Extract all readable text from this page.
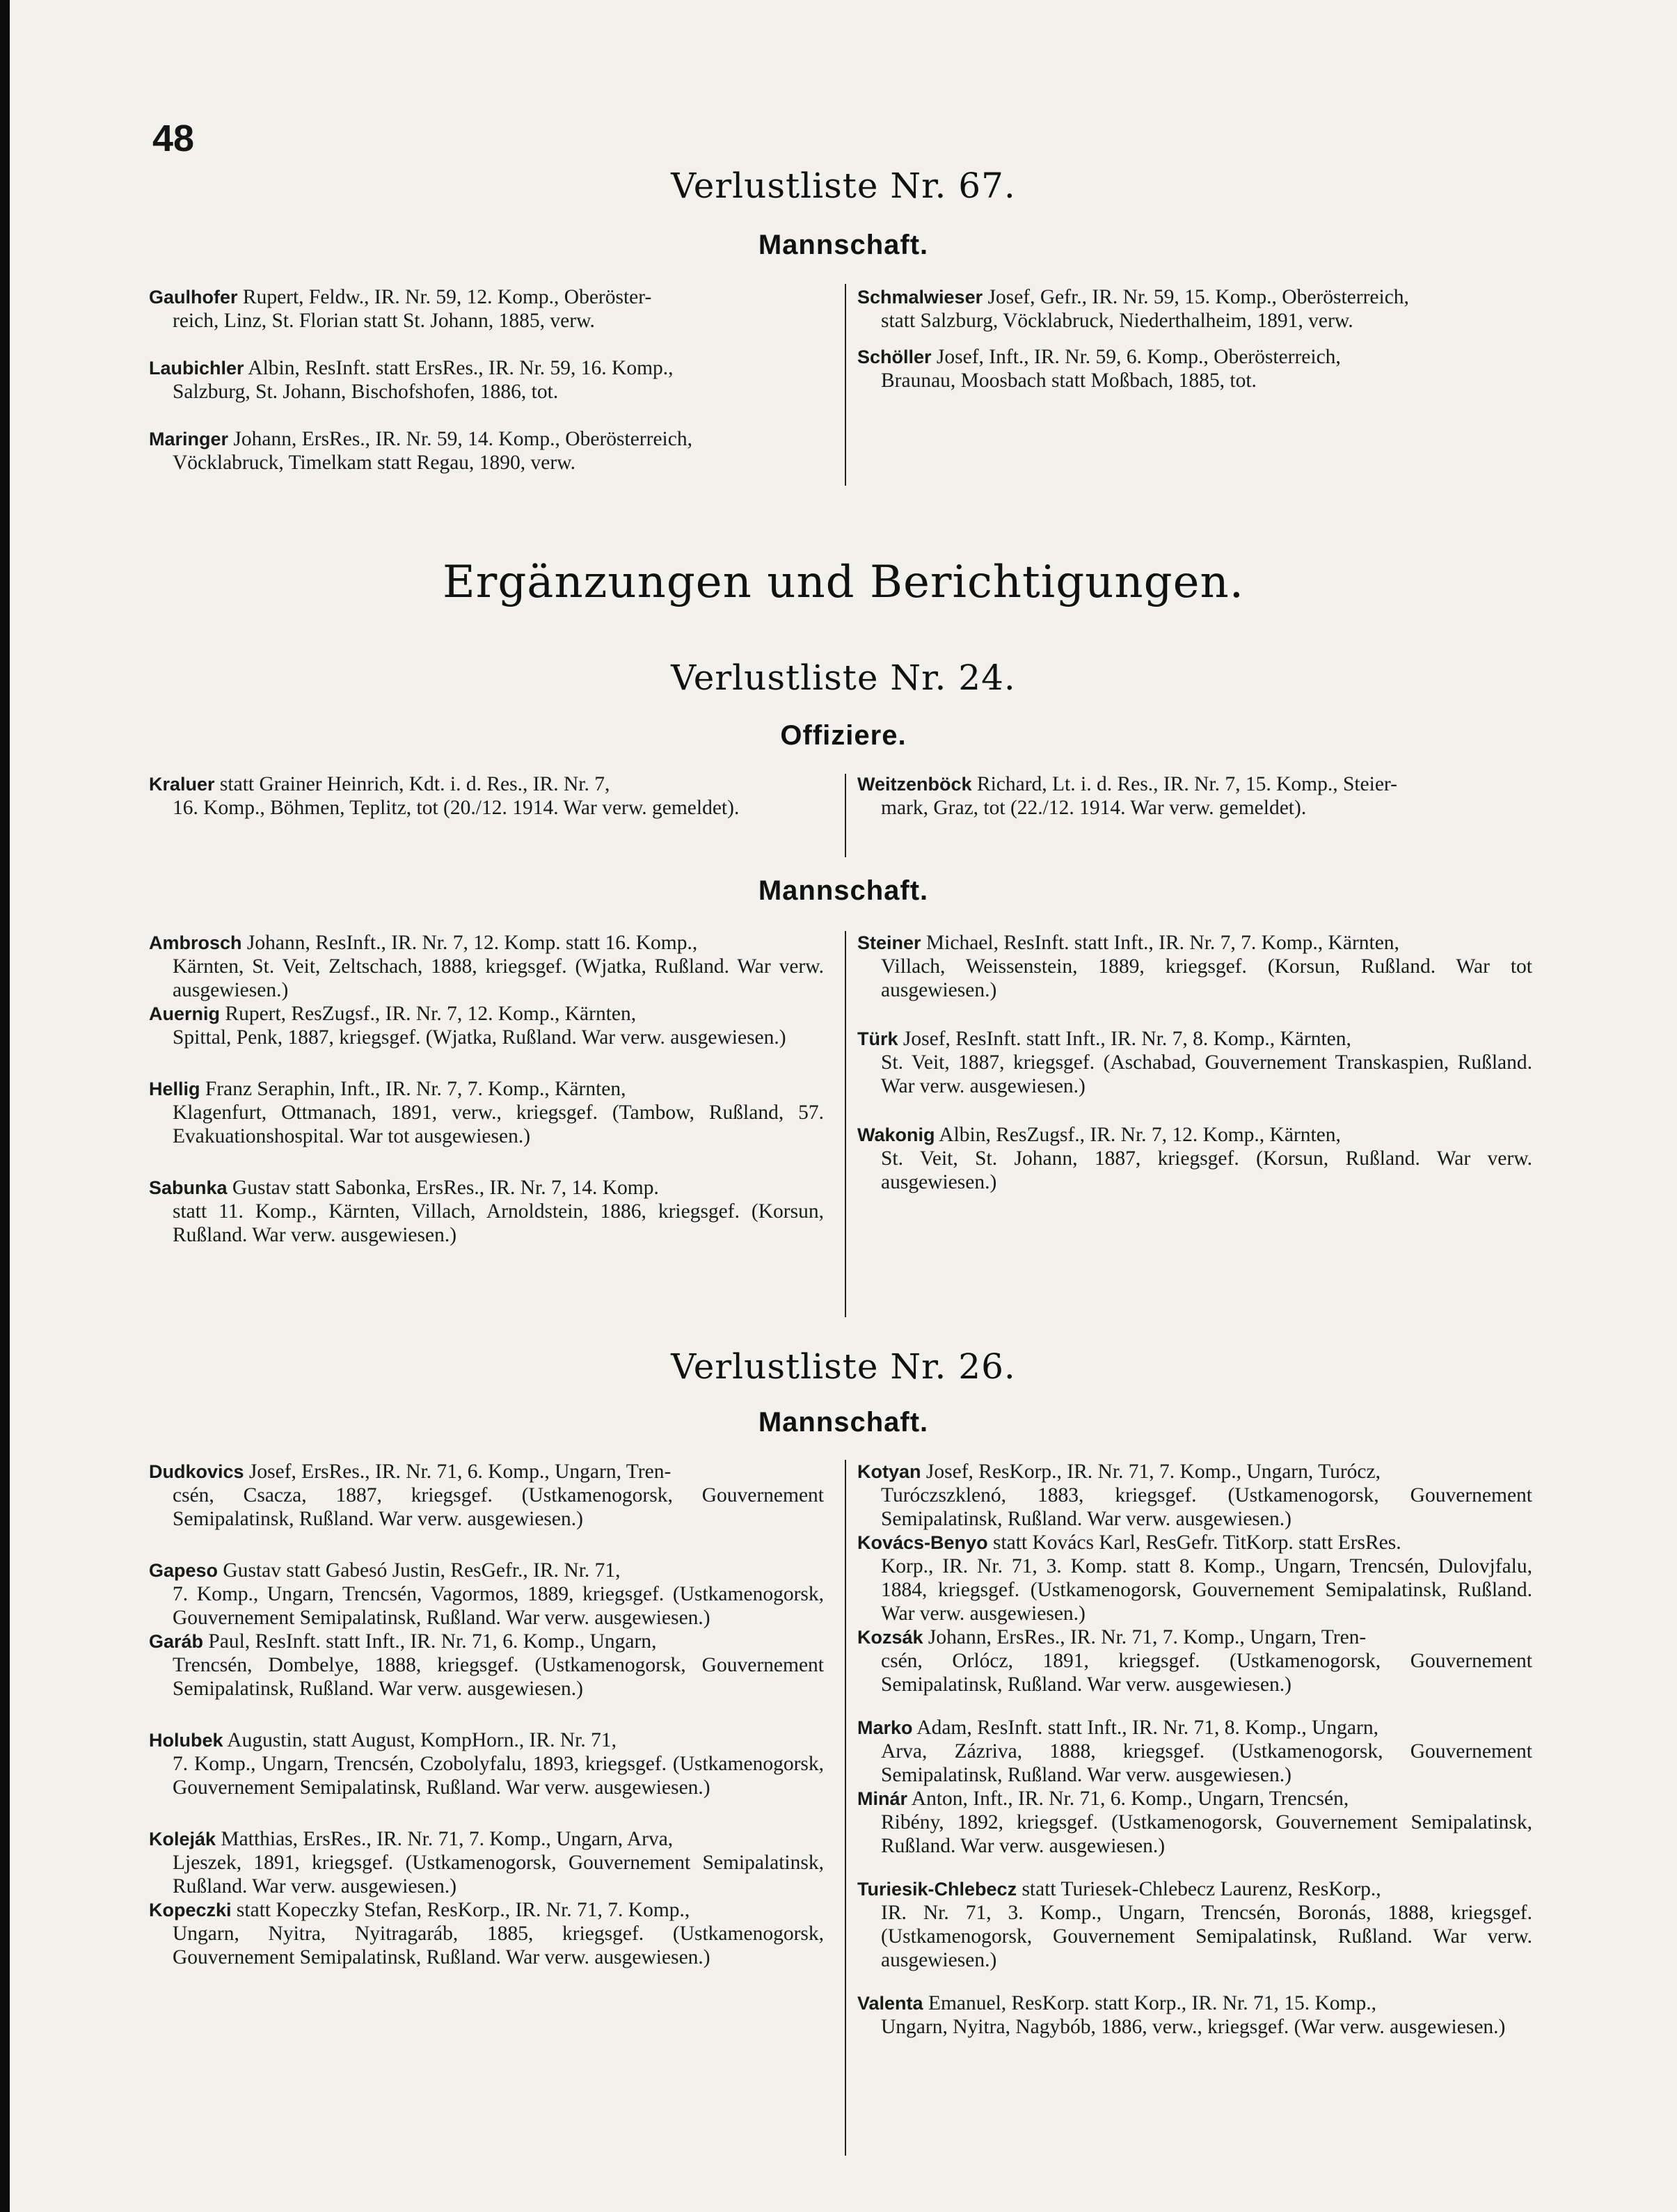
48
Verlustliste Nr. 67.
Mannschaft.

Gaulhofer Rupert, Feldw., IR. Nr. 59, 12. Komp., Oberöster-
reich, Linz, St. Florian statt St. Johann, 1885, verw.

Laubichler Albin, ResInft. statt ErsRes., IR. Nr. 59, 16. Komp.,
Salzburg, St. Johann, Bischofshofen, 1886, tot.

Maringer Johann, ErsRes., IR. Nr. 59, 14. Komp., Oberösterreich,
Vöcklabruck, Timelkam statt Regau, 1890, verw.

Schmalwieser Josef, Gefr., IR. Nr. 59, 15. Komp., Oberösterreich,
statt Salzburg, Vöcklabruck, Niederthalheim, 1891, verw.

Schöller Josef, Inft., IR. Nr. 59, 6. Komp., Oberösterreich,
Braunau, Moosbach statt Moßbach, 1885, tot.

Ergänzungen und Berichtigungen.
Verlustliste Nr. 24.
Offiziere.

Kraluer statt Grainer Heinrich, Kdt. i. d. Res., IR. Nr. 7,
16. Komp., Böhmen, Teplitz, tot (20./12. 1914. War verw. gemeldet).

Weitzenböck Richard, Lt. i. d. Res., IR. Nr. 7, 15. Komp., Steier-
mark, Graz, tot (22./12. 1914. War verw. gemeldet).

Mannschaft.

Ambrosch Johann, ResInft., IR. Nr. 7, 12. Komp. statt 16. Komp.,
Kärnten, St. Veit, Zeltschach, 1888, kriegsgef. (Wjatka, Rußland. War verw. ausgewiesen.)

Auernig Rupert, ResZugsf., IR. Nr. 7, 12. Komp., Kärnten,
Spittal, Penk, 1887, kriegsgef. (Wjatka, Rußland. War verw. ausgewiesen.)

Hellig Franz Seraphin, Inft., IR. Nr. 7, 7. Komp., Kärnten,
Klagenfurt, Ottmanach, 1891, verw., kriegsgef. (Tambow, Rußland, 57. Evakuationshospital. War tot ausgewiesen.)

Sabunka Gustav statt Sabonka, ErsRes., IR. Nr. 7, 14. Komp.
statt 11. Komp., Kärnten, Villach, Arnoldstein, 1886, kriegsgef. (Korsun, Rußland. War verw. ausgewiesen.)

Steiner Michael, ResInft. statt Inft., IR. Nr. 7, 7. Komp., Kärnten,
Villach, Weissenstein, 1889, kriegsgef. (Korsun, Rußland. War tot ausgewiesen.)

Türk Josef, ResInft. statt Inft., IR. Nr. 7, 8. Komp., Kärnten,
St. Veit, 1887, kriegsgef. (Aschabad, Gouvernement Transkaspien, Rußland. War verw. ausgewiesen.)

Wakonig Albin, ResZugsf., IR. Nr. 7, 12. Komp., Kärnten,
St. Veit, St. Johann, 1887, kriegsgef. (Korsun, Rußland. War verw. ausgewiesen.)

Verlustliste Nr. 26.
Mannschaft.

Dudkovics Josef, ErsRes., IR. Nr. 71, 6. Komp., Ungarn, Tren-
csén, Csacza, 1887, kriegsgef. (Ustkamenogorsk, Gouvernement Semipalatinsk, Rußland. War verw. ausgewiesen.)

Gapeso Gustav statt Gabesó Justin, ResGefr., IR. Nr. 71,
7. Komp., Ungarn, Trencsén, Vagormos, 1889, kriegsgef. (Ustkamenogorsk, Gouvernement Semipalatinsk, Rußland. War verw. ausgewiesen.)

Garáb Paul, ResInft. statt Inft., IR. Nr. 71, 6. Komp., Ungarn,
Trencsén, Dombelye, 1888, kriegsgef. (Ustkamenogorsk, Gouvernement Semipalatinsk, Rußland. War verw. ausgewiesen.)

Holubek Augustin, statt August, KompHorn., IR. Nr. 71,
7. Komp., Ungarn, Trencsén, Czobolyfalu, 1893, kriegsgef. (Ustkamenogorsk, Gouvernement Semipalatinsk, Rußland. War verw. ausgewiesen.)

Koleják Matthias, ErsRes., IR. Nr. 71, 7. Komp., Ungarn, Arva,
Ljeszek, 1891, kriegsgef. (Ustkamenogorsk, Gouvernement Semipalatinsk, Rußland. War verw. ausgewiesen.)

Kopeczki statt Kopeczky Stefan, ResKorp., IR. Nr. 71, 7. Komp.,
Ungarn, Nyitra, Nyitragaráb, 1885, kriegsgef. (Ustkamenogorsk, Gouvernement Semipalatinsk, Rußland. War verw. ausgewiesen.)

Kotyan Josef, ResKorp., IR. Nr. 71, 7. Komp., Ungarn, Turócz,
Turóczszklenó, 1883, kriegsgef. (Ustkamenogorsk, Gouvernement Semipalatinsk, Rußland. War verw. ausgewiesen.)

Kovács-Benyo statt Kovács Karl, ResGefr. TitKorp. statt ErsRes.
Korp., IR. Nr. 71, 3. Komp. statt 8. Komp., Ungarn, Trencsén, Dulovjfalu, 1884, kriegsgef. (Ustkamenogorsk, Gouvernement Semipalatinsk, Rußland. War verw. ausgewiesen.)

Kozsák Johann, ErsRes., IR. Nr. 71, 7. Komp., Ungarn, Tren-
csén, Orlócz, 1891, kriegsgef. (Ustkamenogorsk, Gouvernement Semipalatinsk, Rußland. War verw. ausgewiesen.)

Marko Adam, ResInft. statt Inft., IR. Nr. 71, 8. Komp., Ungarn,
Arva, Zázriva, 1888, kriegsgef. (Ustkamenogorsk, Gouvernement Semipalatinsk, Rußland. War verw. ausgewiesen.)

Minár Anton, Inft., IR. Nr. 71, 6. Komp., Ungarn, Trencsén,
Ribény, 1892, kriegsgef. (Ustkamenogorsk, Gouvernement Semipalatinsk, Rußland. War verw. ausgewiesen.)

Turiesik-Chlebecz statt Turiesek-Chlebecz Laurenz, ResKorp.,
IR. Nr. 71, 3. Komp., Ungarn, Trencsén, Boronás, 1888, kriegsgef. (Ustkamenogorsk, Gouvernement Semipalatinsk, Rußland. War verw. ausgewiesen.)

Valenta Emanuel, ResKorp. statt Korp., IR. Nr. 71, 15. Komp.,
Ungarn, Nyitra, Nagybób, 1886, verw., kriegsgef. (War verw. ausgewiesen.)
